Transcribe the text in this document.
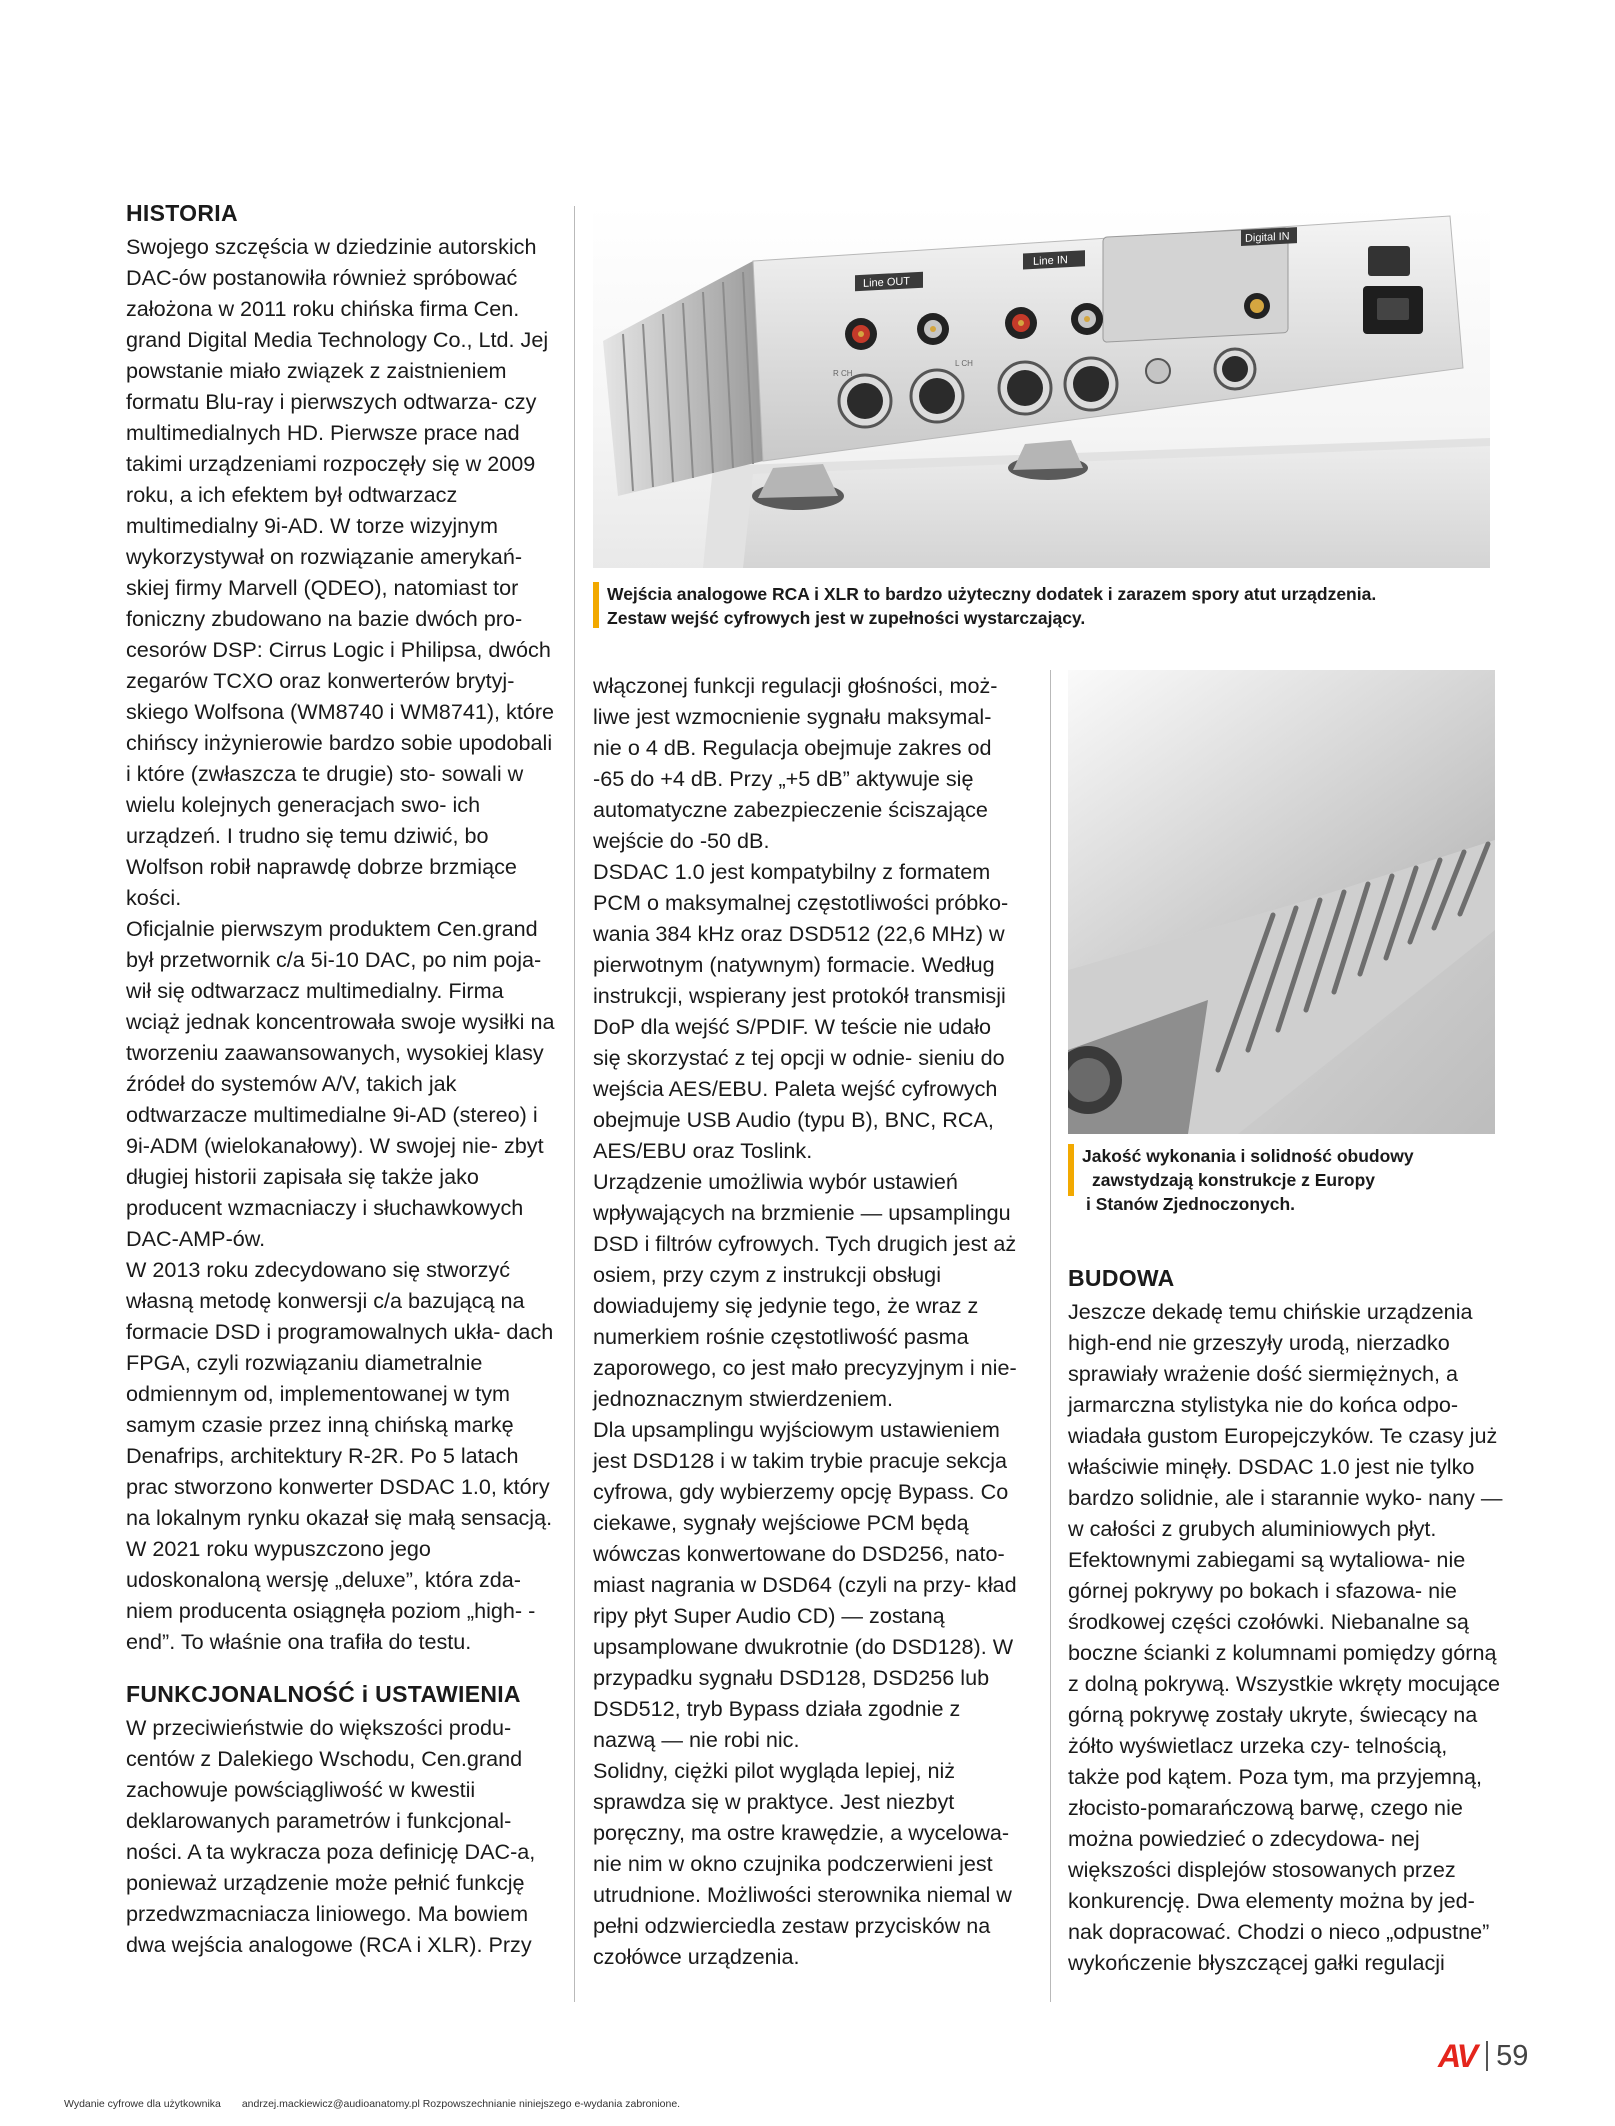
HISTORIA

Swojego szczęścia w dziedzinie autorskich DAC-ów postanowiła również spróbować założona w 2011 roku chińska firma Cen. grand Digital Media Technology Co., Ltd. Jej powstanie miało związek z zaistnieniem formatu Blu-ray i pierwszych odtwarza- czy multimedialnych HD. Pierwsze prace nad takimi urządzeniami rozpoczęły się w 2009 roku, a ich efektem był odtwarzacz multimedialny 9i-AD. W torze wizyjnym wykorzystywał on rozwiązanie amerykań- skiej firmy Marvell (QDEO), natomiast tor foniczny zbudowano na bazie dwóch pro- cesorów DSP: Cirrus Logic i Philipsa, dwóch zegarów TCXO oraz konwerterów brytyj- skiego Wolfsona (WM8740 i WM8741), które chińscy inżynierowie bardzo sobie upodobali i które (zwłaszcza te drugie) sto- sowali w wielu kolejnych generacjach swo- ich urządzeń. I trudno się temu dziwić, bo Wolfson robił naprawdę dobrze brzmiące kości.

Oficjalnie pierwszym produktem Cen.grand był przetwornik c/a 5i-10 DAC, po nim poja- wił się odtwarzacz multimedialny. Firma wciąż jednak koncentrowała swoje wysiłki na tworzeniu zaawansowanych, wysokiej klasy źródeł do systemów A/V, takich jak odtwarzacze multimedialne 9i-AD (stereo) i 9i-ADM (wielokanałowy). W swojej nie- zbyt długiej historii zapisała się także jako producent wzmacniaczy i słuchawkowych DAC-AMP-ów.

W 2013 roku zdecydowano się stworzyć własną metodę konwersji c/a bazującą na formacie DSD i programowalnych ukła- dach FPGA, czyli rozwiązaniu diametralnie odmiennym od, implementowanej w tym samym czasie przez inną chińską markę Denafrips, architektury R-2R. Po 5 latach prac stworzono konwerter DSDAC 1.0, który na lokalnym rynku okazał się małą sensacją. W 2021 roku wypuszczono jego udoskonaloną wersję „deluxe”, która zda- niem producenta osiągnęła poziom „high- -end”. To właśnie ona trafiła do testu.

FUNKCJONALNOŚĆ i USTAWIENIA

W przeciwieństwie do większości produ- centów z Dalekiego Wschodu, Cen.grand zachowuje powściągliwość w kwestii deklarowanych parametrów i funkcjonal- ności. A ta wykracza poza definicję DAC-a, ponieważ urządzenie może pełnić funkcję przedwzmacniacza liniowego. Ma bowiem dwa wejścia analogowe (RCA i XLR). Przy

Line OUT
Line IN
Digital IN
R CH
L CH
Wejścia analogowe RCA i XLR to bardzo użyteczny dodatek i zarazem spory atut urządzenia.
Zestaw wejść cyfrowych jest w zupełności wystarczający.

włączonej funkcji regulacji głośności, moż- liwe jest wzmocnienie sygnału maksymal- nie o 4 dB. Regulacja obejmuje zakres od -65 do +4 dB. Przy „+5 dB” aktywuje się automatyczne zabezpieczenie ściszające wejście do -50 dB.

DSDAC 1.0 jest kompatybilny z formatem PCM o maksymalnej częstotliwości próbko- wania 384 kHz oraz DSD512 (22,6 MHz) w pierwotnym (natywnym) formacie. Według instrukcji, wspierany jest protokół transmisji DoP dla wejść S/PDIF. W teście nie udało się skorzystać z tej opcji w odnie- sieniu do wejścia AES/EBU. Paleta wejść cyfrowych obejmuje USB Audio (typu B), BNC, RCA, AES/EBU oraz Toslink.

Urządzenie umożliwia wybór ustawień wpływających na brzmienie — upsamplingu DSD i filtrów cyfrowych. Tych drugich jest aż osiem, przy czym z instrukcji obsługi dowiadujemy się jedynie tego, że wraz z numerkiem rośnie częstotliwość pasma zaporowego, co jest mało precyzyjnym i nie- jednoznacznym stwierdzeniem.

Dla upsamplingu wyjściowym ustawieniem jest DSD128 i w takim trybie pracuje sekcja cyfrowa, gdy wybierzemy opcję Bypass. Co ciekawe, sygnały wejściowe PCM będą wówczas konwertowane do DSD256, nato- miast nagrania w DSD64 (czyli na przy- kład ripy płyt Super Audio CD) — zostaną upsamplowane dwukrotnie (do DSD128). W przypadku sygnału DSD128, DSD256 lub DSD512, tryb Bypass działa zgodnie z nazwą — nie robi nic.

Solidny, ciężki pilot wygląda lepiej, niż sprawdza się w praktyce. Jest niezbyt poręczny, ma ostre krawędzie, a wycelowa- nie nim w okno czujnika podczerwieni jest utrudnione. Możliwości sterownika niemal w pełni odzwierciedla zestaw przycisków na czołówce urządzenia.

Jakość wykonania i solidność obudowy
zawstydzają konstrukcje z Europy
i Stanów Zjednoczonych.

BUDOWA

Jeszcze dekadę temu chińskie urządzenia high-end nie grzeszyły urodą, nierzadko sprawiały wrażenie dość siermiężnych, a jarmarczna stylistyka nie do końca odpo- wiadała gustom Europejczyków. Te czasy już właściwie minęły. DSDAC 1.0 jest nie tylko bardzo solidnie, ale i starannie wyko- nany — w całości z grubych aluminiowych płyt. Efektownymi zabiegami są wytaliowa- nie górnej pokrywy po bokach i sfazowa- nie środkowej części czołówki. Niebanalne są boczne ścianki z kolumnami pomiędzy górną z dolną pokrywą. Wszystkie wkręty mocujące górną pokrywę zostały ukryte, świecący na żółto wyświetlacz urzeka czy- telnością, także pod kątem. Poza tym, ma przyjemną, złocisto-pomarańczową barwę, czego nie można powiedzieć o zdecydowa- nej większości displejów stosowanych przez konkurencję. Dwa elementy można by jed- nak dopracować. Chodzi o nieco „odpustne” wykończenie błyszczącej gałki regulacji

AV 59
Wydanie cyfrowe dla użytkownika andrzej.mackiewicz@audioanatomy.pl Rozpowszechnianie niniejszego e-wydania zabronione.
